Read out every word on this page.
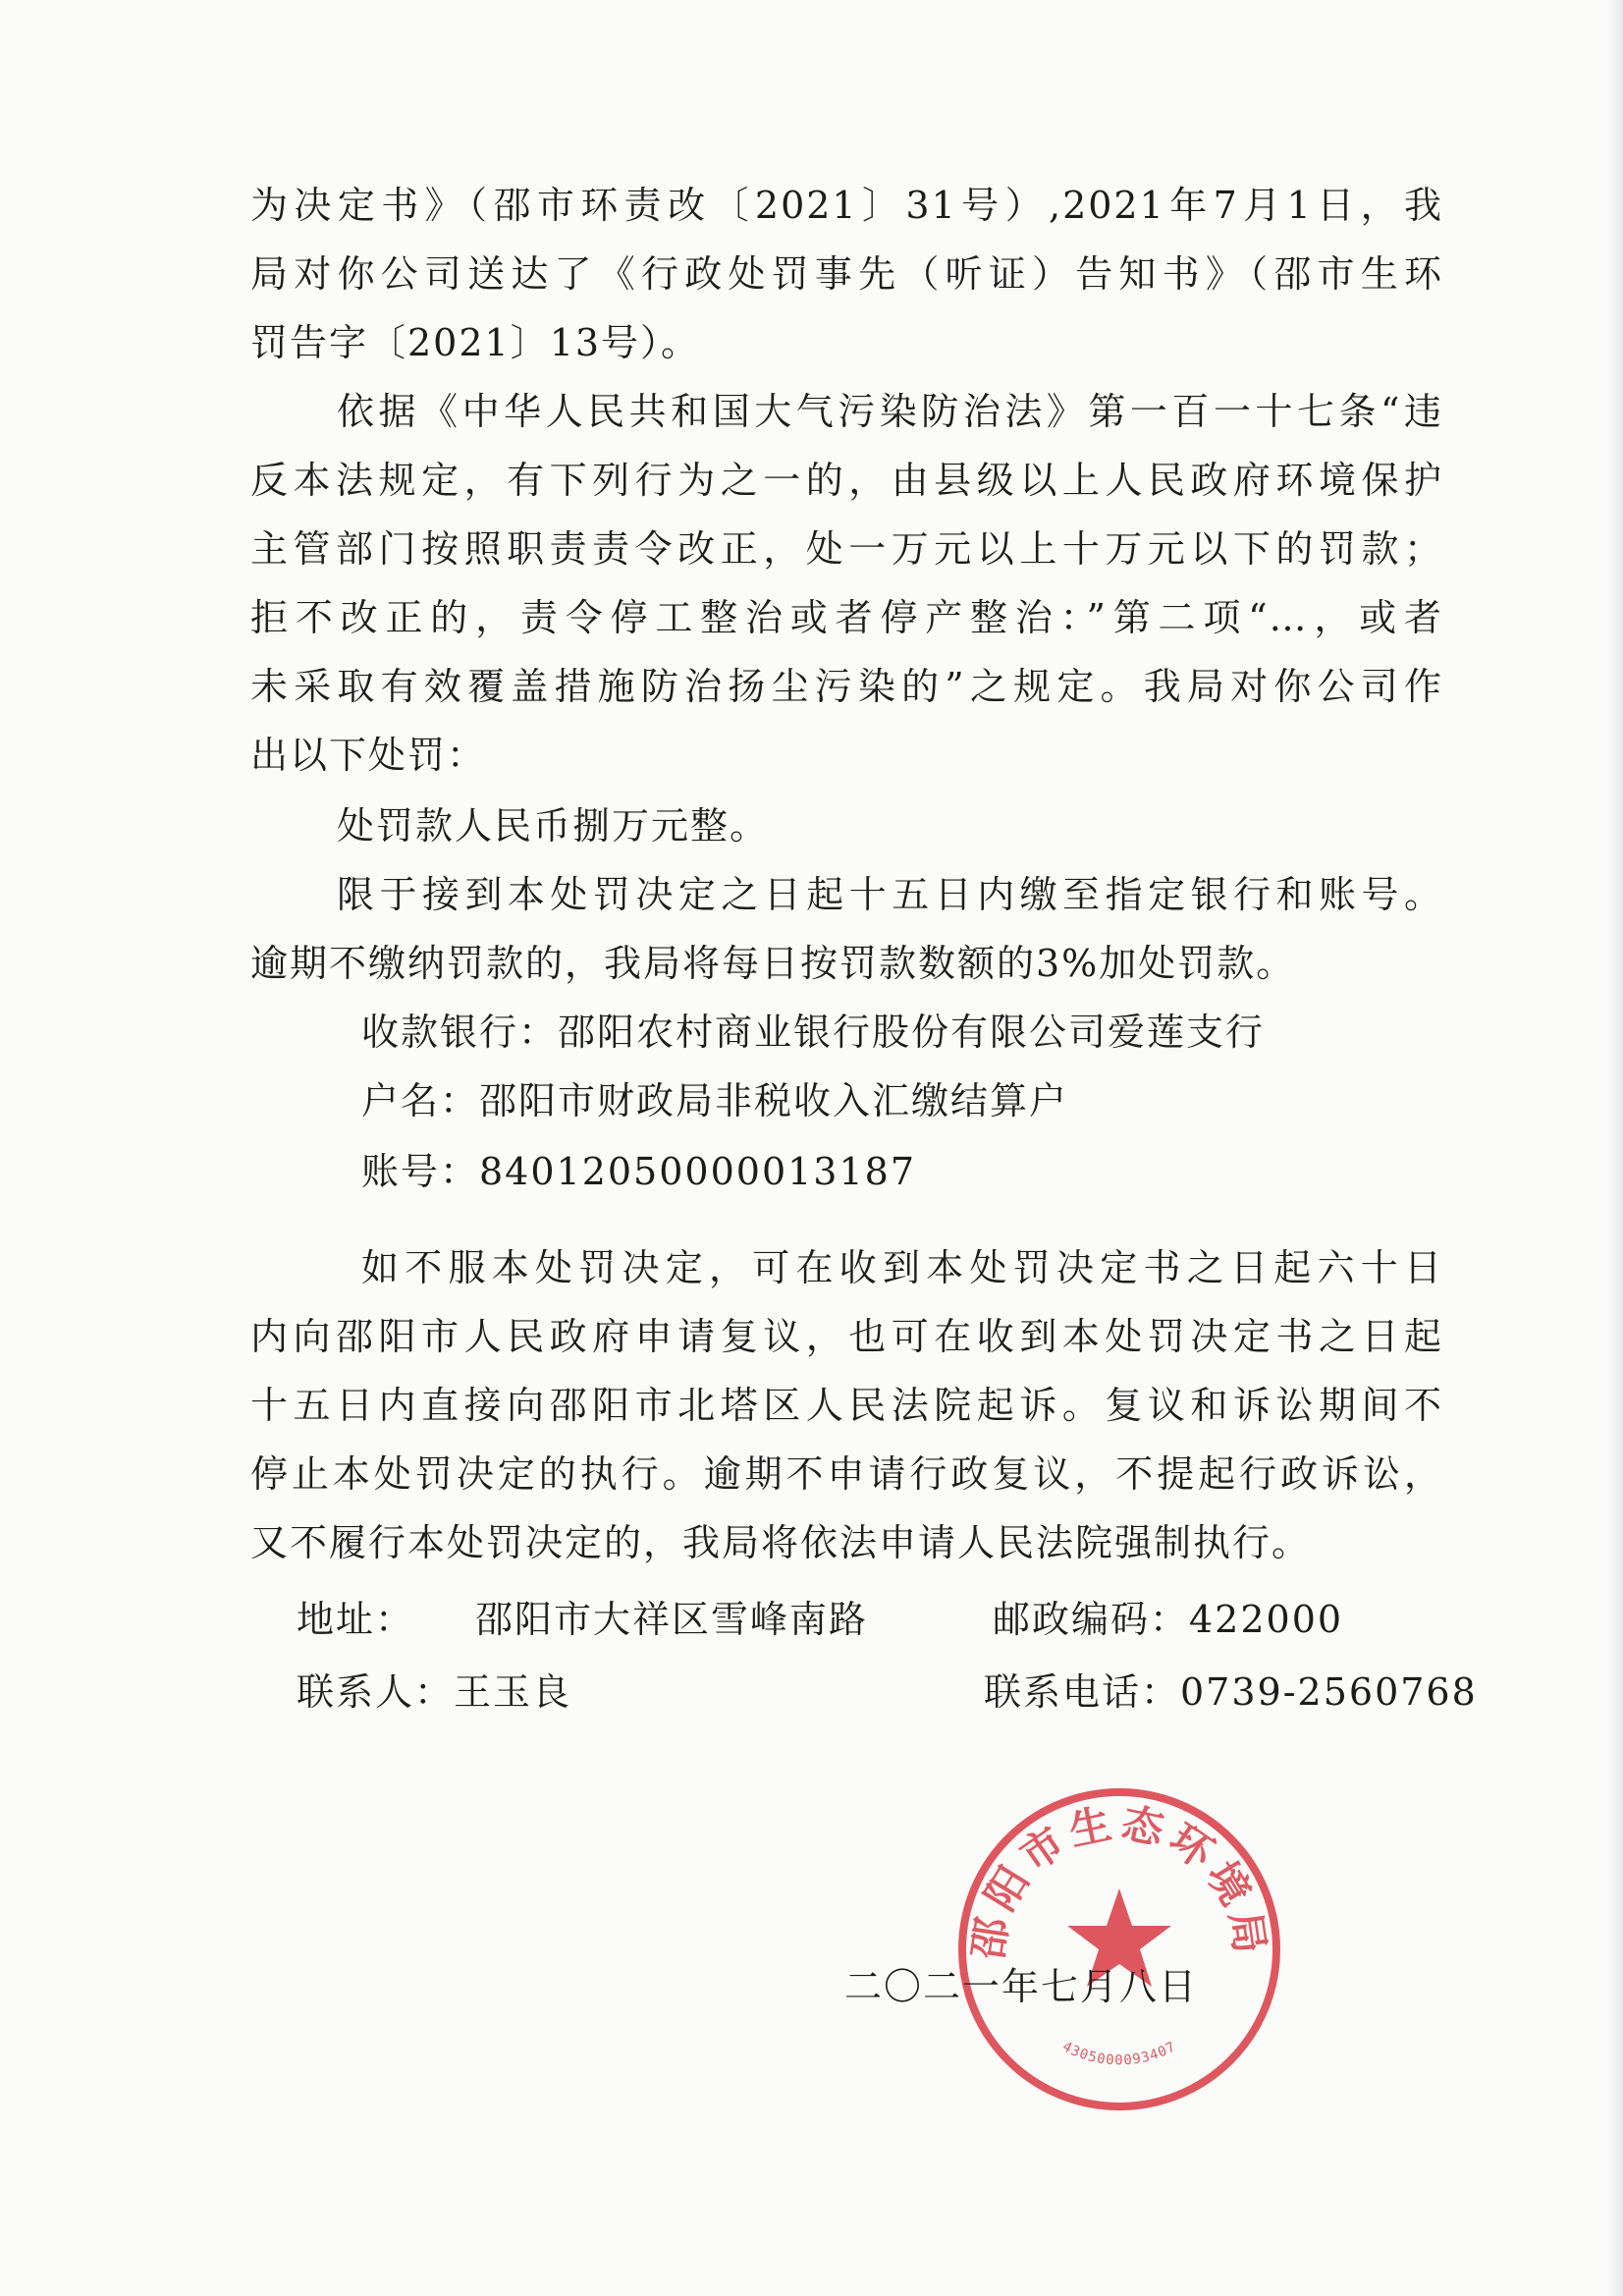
为决定书》（邵市环责改〔2021〕31号）,2021年7月1日，我
局对你公司送达了《行政处罚事先（听证）告知书》（邵市生环
罚告字〔2021〕13号）。
依据《中华人民共和国大气污染防治法》第一百一十七条“违
反本法规定，有下列行为之一的，由县级以上人民政府环境保护
主管部门按照职责责令改正，处一万元以上十万元以下的罚款；
拒不改正的，责令停工整治或者停产整治：”第二项“…，或者
未采取有效覆盖措施防治扬尘污染的”之规定。我局对你公司作
出以下处罚：
处罚款人民币捌万元整。
限于接到本处罚决定之日起十五日内缴至指定银行和账号。
逾期不缴纳罚款的，我局将每日按罚款数额的3%加处罚款。
收款银行：邵阳农村商业银行股份有限公司爱莲支行
户名：邵阳市财政局非税收入汇缴结算户
账号：84012050000013187
如不服本处罚决定，可在收到本处罚决定书之日起六十日
内向邵阳市人民政府申请复议，也可在收到本处罚决定书之日起
十五日内直接向邵阳市北塔区人民法院起诉。复议和诉讼期间不
停止本处罚决定的执行。逾期不申请行政复议，不提起行政诉讼，
又不履行本处罚决定的，我局将依法申请人民法院强制执行。
地址： 邵阳市大祥区雪峰南路	邮政编码：422000
联系人：王玉良	联系电话：0739-2560768
邵阳市生态环境局
4305000093407
二〇二一年七月八日
